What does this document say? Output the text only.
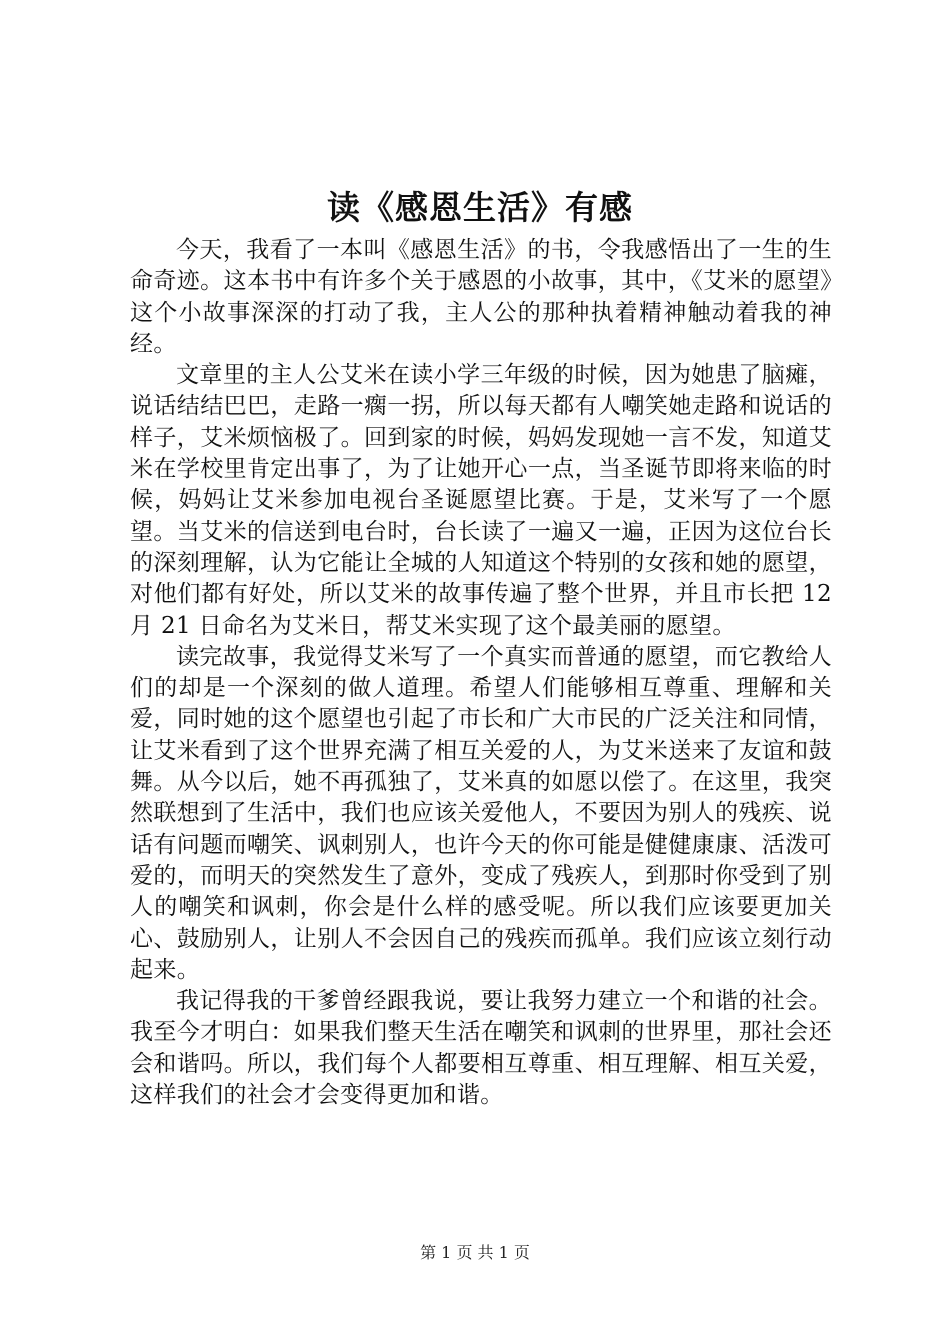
读《感恩生活》有感

今天，我看了一本叫《感恩生活》的书，令我感悟出了一生的生命奇迹。这本书中有许多个关于感恩的小故事，其中，《艾米的愿望》这个小故事深深的打动了我，主人公的那种执着精神触动着我的神经。

文章里的主人公艾米在读小学三年级的时候，因为她患了脑瘫，说话结结巴巴，走路一瘸一拐，所以每天都有人嘲笑她走路和说话的样子，艾米烦恼极了。回到家的时候，妈妈发现她一言不发，知道艾米在学校里肯定出事了，为了让她开心一点，当圣诞节即将来临的时候，妈妈让艾米参加电视台圣诞愿望比赛。于是，艾米写了一个愿望。当艾米的信送到电台时，台长读了一遍又一遍，正因为这位台长的深刻理解，认为它能让全城的人知道这个特别的女孩和她的愿望，对他们都有好处，所以艾米的故事传遍了整个世界，并且市长把 12 月 21 日命名为艾米日，帮艾米实现了这个最美丽的愿望。

读完故事，我觉得艾米写了一个真实而普通的愿望，而它教给人们的却是一个深刻的做人道理。希望人们能够相互尊重、理解和关爱，同时她的这个愿望也引起了市长和广大市民的广泛关注和同情，让艾米看到了这个世界充满了相互关爱的人，为艾米送来了友谊和鼓舞。从今以后，她不再孤独了，艾米真的如愿以偿了。在这里，我突然联想到了生活中，我们也应该关爱他人，不要因为别人的残疾、说话有问题而嘲笑、讽刺别人，也许今天的你可能是健健康康、活泼可爱的，而明天的突然发生了意外，变成了残疾人，到那时你受到了别人的嘲笑和讽刺，你会是什么样的感受呢。所以我们应该要更加关心、鼓励别人，让别人不会因自己的残疾而孤单。我们应该立刻行动起来。

我记得我的干爹曾经跟我说，要让我努力建立一个和谐的社会。我至今才明白：如果我们整天生活在嘲笑和讽刺的世界里，那社会还会和谐吗。所以，我们每个人都要相互尊重、相互理解、相互关爱，这样我们的社会才会变得更加和谐。

第 1 页 共 1 页
